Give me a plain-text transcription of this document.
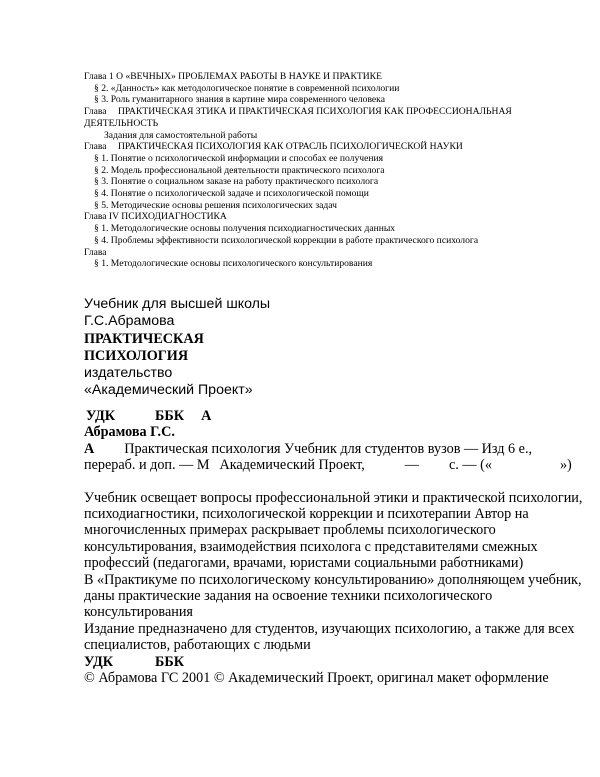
Глава 1 О «ВЕЧНЫХ» ПРОБЛЕМАХ РАБОТЫ В НАУКЕ И ПРАКТИКЕ
§ 2. «Данность» как методологическое понятие в современной психологии
§ 3. Роль гуманитарного знания в картине мира современного человека
Глава ПРАКТИЧЕСКАЯ ЗТИКА И ПРАКТИЧЕСКАЯ ПСИХОЛОГИЯ КАК ПРОФЕССИОНАЛЬНАЯ ДЕЯТЕЛЬНОСТЬ
Задания для самостоятельной работы
Глава ПРАКТИЧЕСКАЯ ПСИХОЛОГИЯ КАК ОТРАСЛЬ ПСИХОЛОГИЧЕСКОЙ НАУКИ
§ 1. Понятие о психологической информации и способах ее получения
§ 2. Модель профессиональной деятельности практического психолога
§ 3. Понятие о социальном заказе на работу практического психолога
§ 4. Понятие о психологической задаче и психологической помощи
§ 5. Методические основы решения психологических задач
Глава IV ПСИХОДИАГНОСТИКА
§ 1. Методологические основы получения психодиагностических данных
§ 4. Проблемы эффективности психологической коррекции в работе практического психолога
Глава
§ 1. Методологические основы психологического консультирования
Учебник для высшей школы
Г.С.Абрамова
ПРАКТИЧЕСКАЯ
ПСИХОЛОГИЯ
издательство
«Академический Проект»
УДК	ББК А
Абрамова Г.С.
А Практическая психология Учебник для студентов вузов — Изд 6 е.,
перераб. и доп. — М Академический Проект,	— с. — («	»)
Учебник освещает вопросы профессиональной этики и практической психологии, психодиагностики, психологической коррекции и психотерапии Автор на многочисленных примерах раскрывает проблемы психологического консультирования, взаимодействия психолога с представителями смежных профессий (педагогами, врачами, юристами социальными работниками)
В «Практикуме по психологическому консультированию» дополняющем учебник, даны практические задания на освоение техники психологического консультирования
Издание предназначено для студентов, изучающих психологию, а также для всех специалистов, работающих с людьми
УДК	ББК
© Абрамова ГС 2001 © Академический Проект, оригинал макет оформление
